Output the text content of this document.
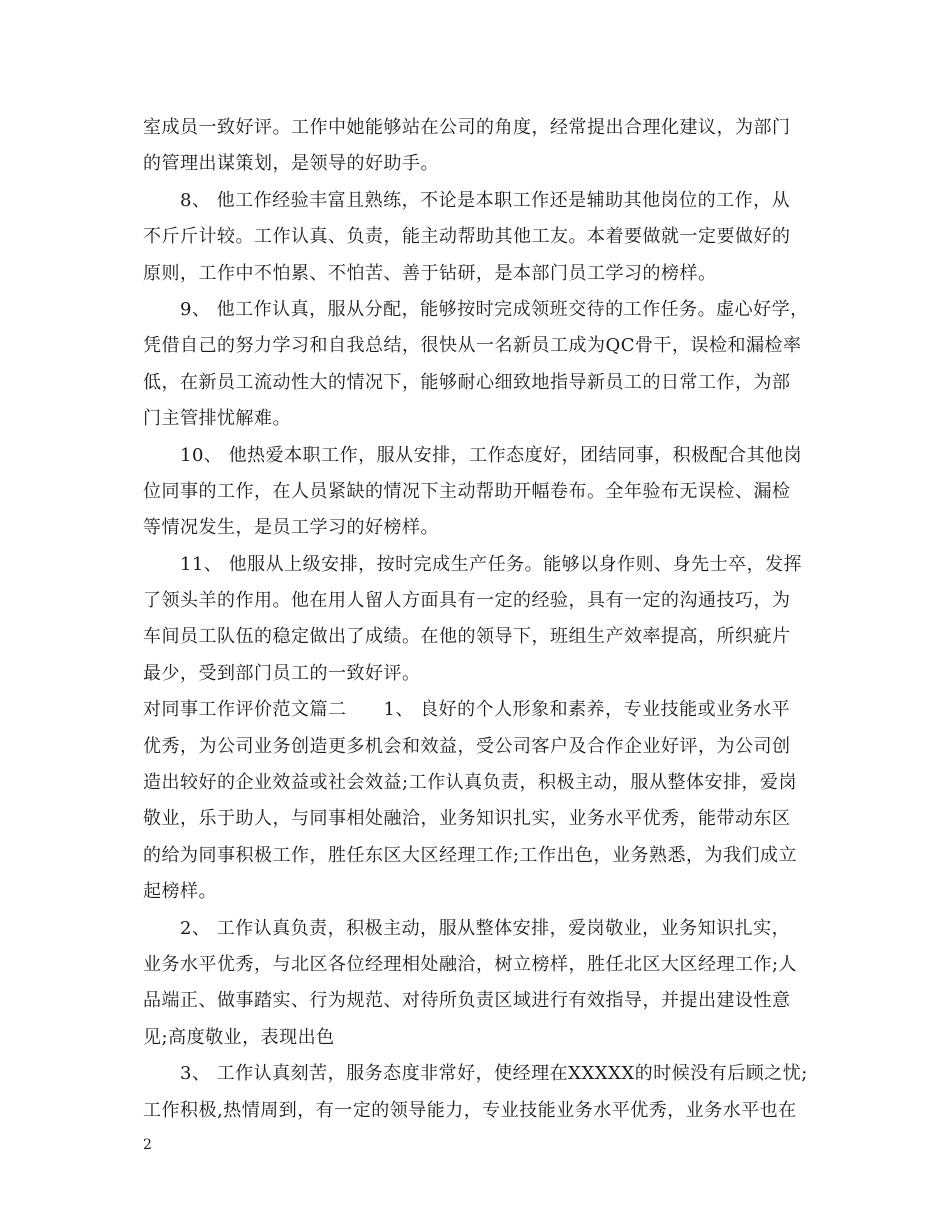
室成员一致好评。工作中她能够站在公司的角度，经常提出合理化建议，为部门
的管理出谋策划，是领导的好助手。
8、 他工作经验丰富且熟练，不论是本职工作还是辅助其他岗位的工作，从
不斤斤计较。工作认真、负责，能主动帮助其他工友。本着要做就一定要做好的
原则，工作中不怕累、不怕苦、善于钻研，是本部门员工学习的榜样。
9、 他工作认真，服从分配，能够按时完成领班交待的工作任务。虚心好学，
凭借自己的努力学习和自我总结，很快从一名新员工成为QC骨干，误检和漏检率
低，在新员工流动性大的情况下，能够耐心细致地指导新员工的日常工作，为部
门主管排忧解难。
10、 他热爱本职工作，服从安排，工作态度好，团结同事，积极配合其他岗
位同事的工作，在人员紧缺的情况下主动帮助开幅卷布。全年验布无误检、漏检
等情况发生，是员工学习的好榜样。
11、 他服从上级安排，按时完成生产任务。能够以身作则、身先士卒，发挥
了领头羊的作用。他在用人留人方面具有一定的经验，具有一定的沟通技巧，为
车间员工队伍的稳定做出了成绩。在他的领导下，班组生产效率提高，所织疵片
最少，受到部门员工的一致好评。
对同事工作评价范文篇二　　1、 良好的个人形象和素养，专业技能或业务水平
优秀，为公司业务创造更多机会和效益，受公司客户及合作企业好评，为公司创
造出较好的企业效益或社会效益;工作认真负责，积极主动，服从整体安排，爱岗
敬业，乐于助人，与同事相处融洽，业务知识扎实，业务水平优秀，能带动东区
的给为同事积极工作，胜任东区大区经理工作;工作出色，业务熟悉，为我们成立
起榜样。
2、 工作认真负责，积极主动，服从整体安排，爱岗敬业，业务知识扎实，
业务水平优秀，与北区各位经理相处融洽，树立榜样，胜任北区大区经理工作;人
品端正、做事踏实、行为规范、对待所负责区域进行有效指导，并提出建设性意
见;高度敬业，表现出色
3、 工作认真刻苦，服务态度非常好，使经理在XXXXX的时候没有后顾之忧;
工作积极,热情周到，有一定的领导能力，专业技能业务水平优秀，业务水平也在
2
